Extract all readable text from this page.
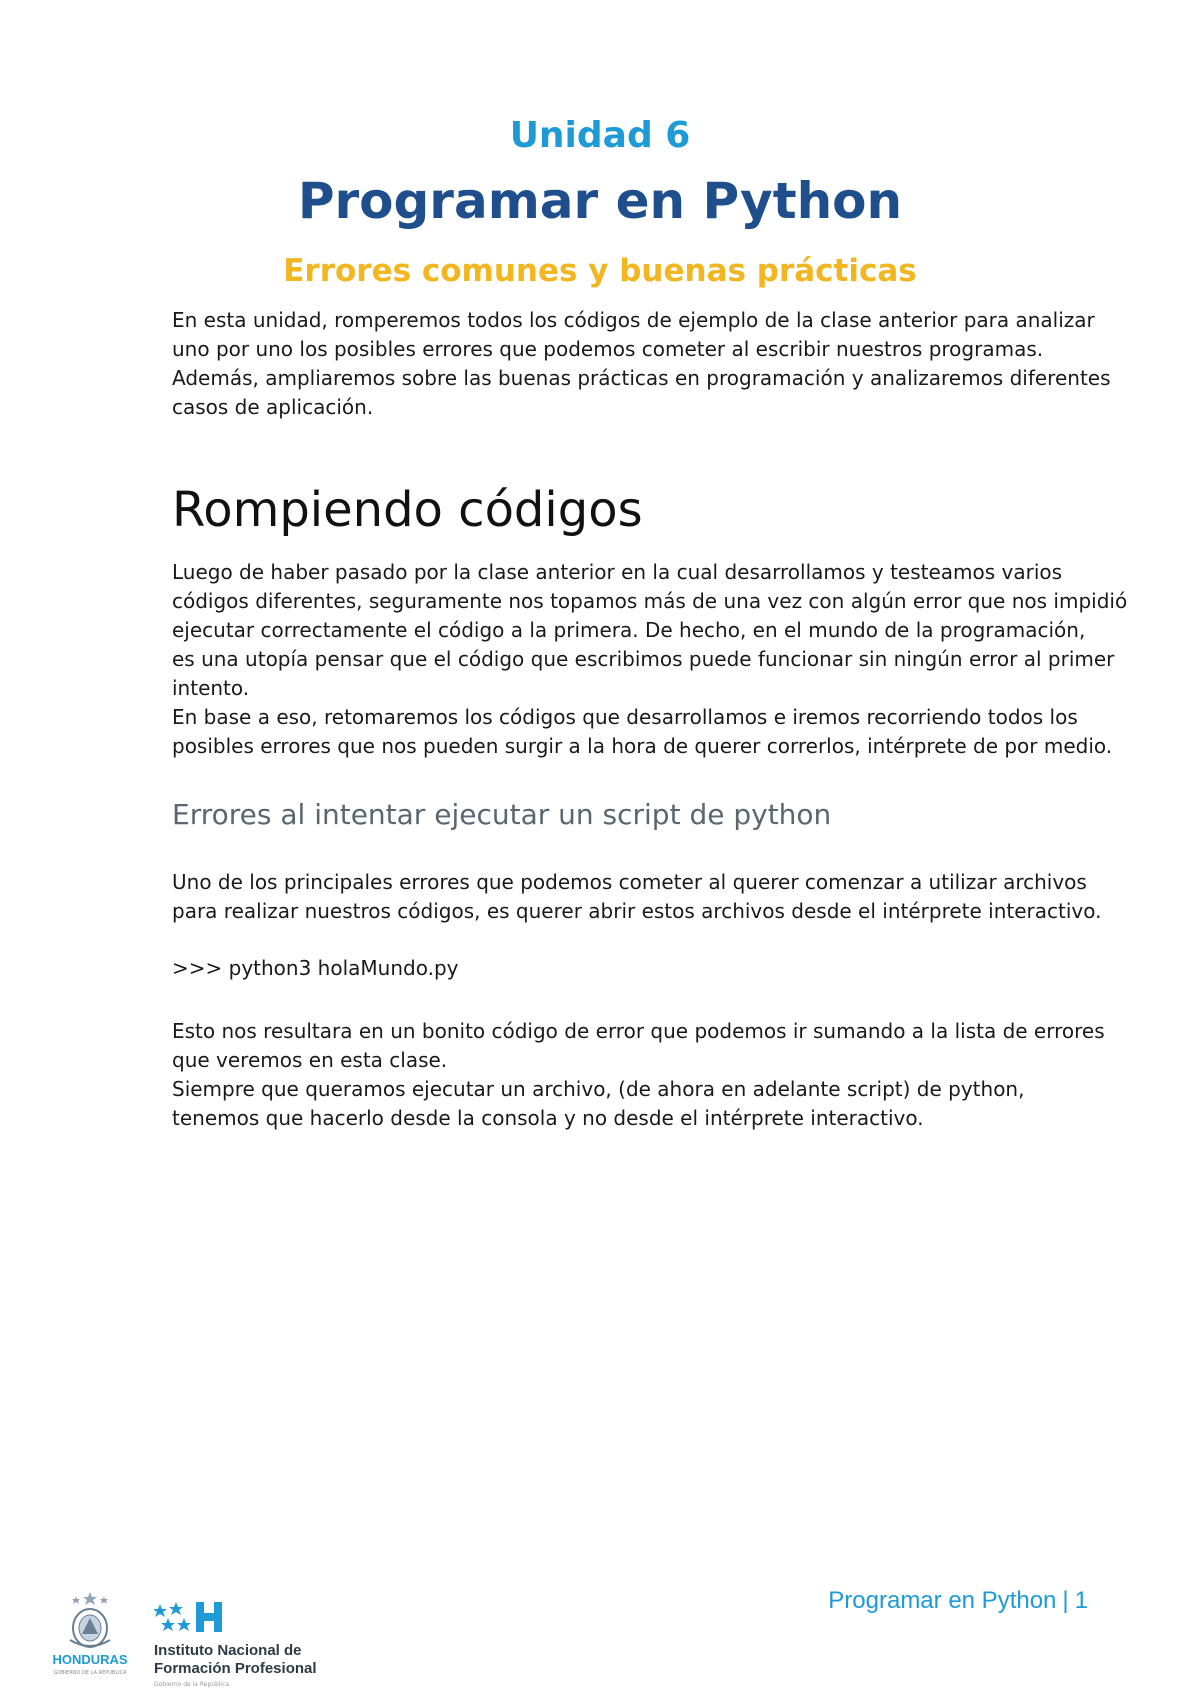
Unidad 6
Programar en Python
Errores comunes y buenas prácticas

En esta unidad, romperemos todos los códigos de ejemplo de la clase anterior para analizar
uno por uno los posibles errores que podemos cometer al escribir nuestros programas.
Además, ampliaremos sobre las buenas prácticas en programación y analizaremos diferentes
casos de aplicación.

Rompiendo códigos

Luego de haber pasado por la clase anterior en la cual desarrollamos y testeamos varios
códigos diferentes, seguramente nos topamos más de una vez con algún error que nos impidió
ejecutar correctamente el código a la primera. De hecho, en el mundo de la programación,
es una utopía pensar que el código que escribimos puede funcionar sin ningún error al primer
intento.

En base a eso, retomaremos los códigos que desarrollamos e iremos recorriendo todos los
posibles errores que nos pueden surgir a la hora de querer correrlos, intérprete de por medio.

Errores al intentar ejecutar un script de python

Uno de los principales errores que podemos cometer al querer comenzar a utilizar archivos
para realizar nuestros códigos, es querer abrir estos archivos desde el intérprete interactivo.

>>> python3 holaMundo.py

Esto nos resultara en un bonito código de error que podemos ir sumando a la lista de errores
que veremos en esta clase.

Siempre que queramos ejecutar un archivo, (de ahora en adelante script) de python,
tenemos que hacerlo desde la consola y no desde el intérprete interactivo.

Programar en Python | 1
HONDURAS
GOBIERNO DE LA REPÚBLICA
Instituto Nacional de
Formación Profesional
Gobierno de la República
